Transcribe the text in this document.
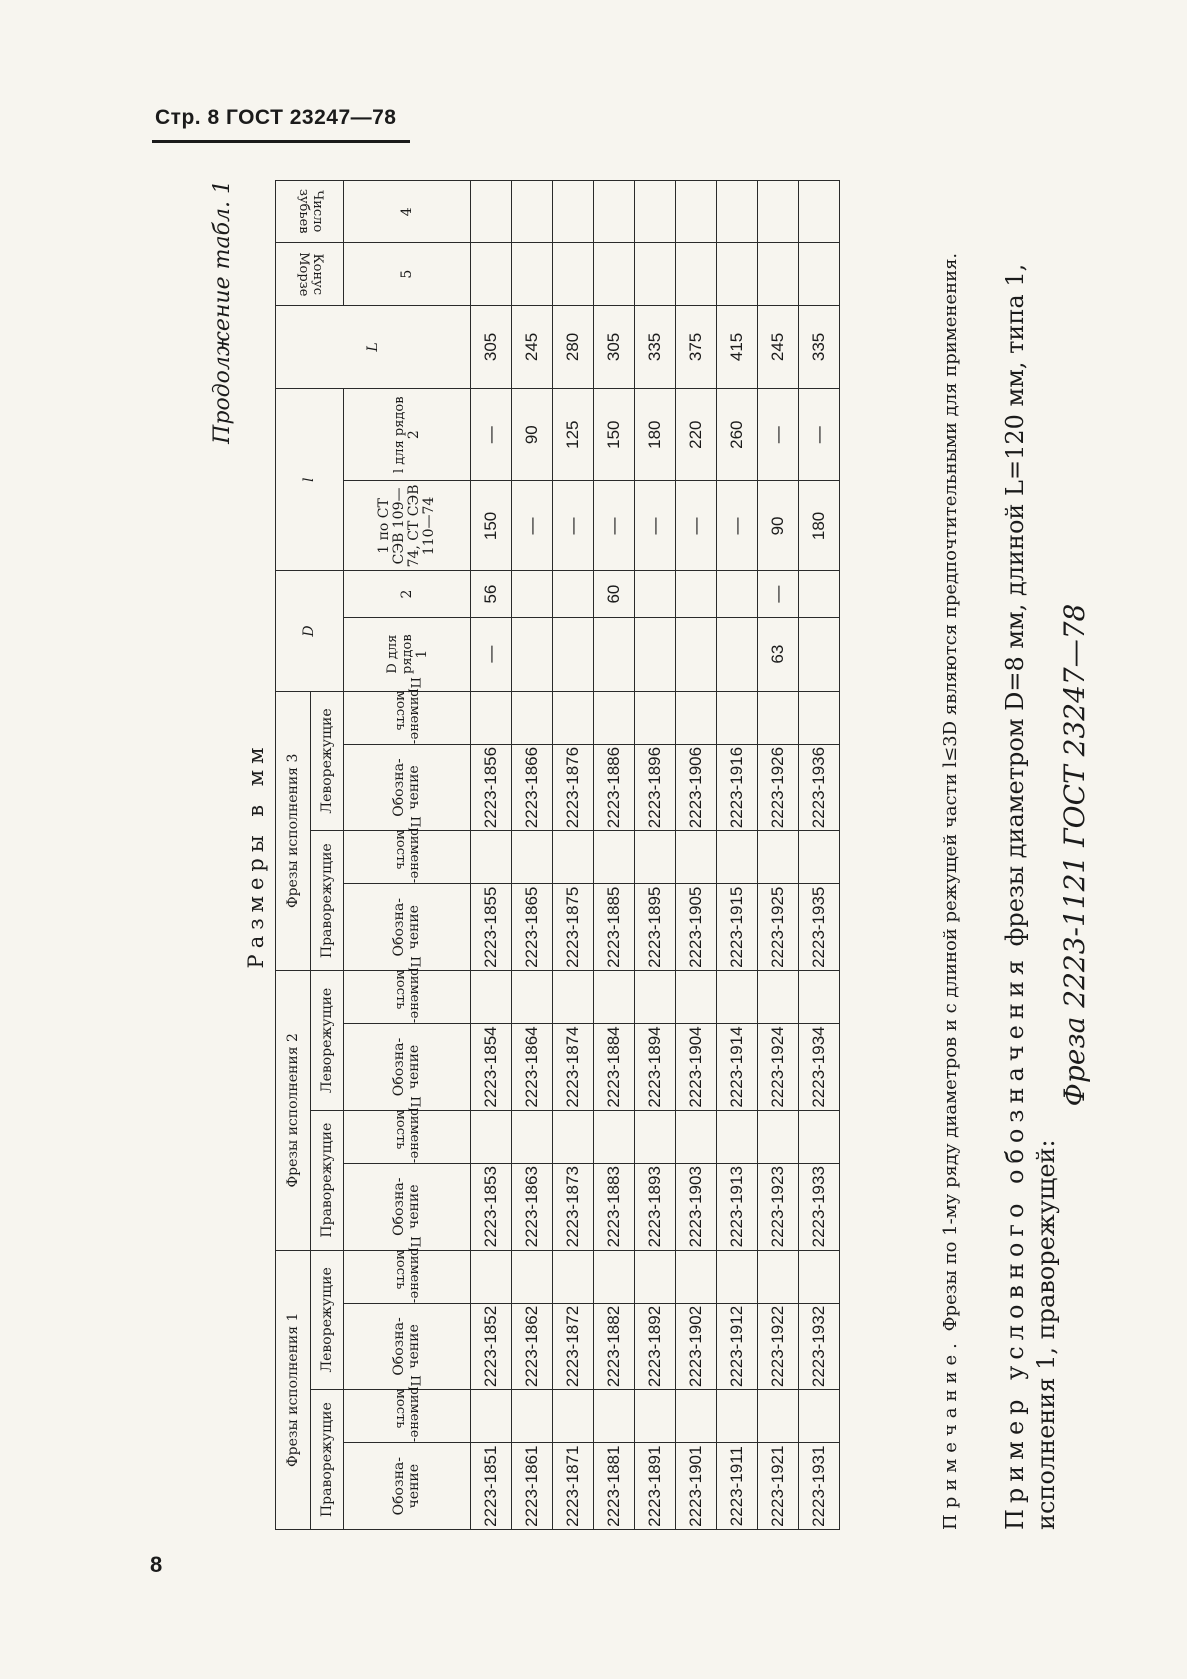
Стр. 8 ГОСТ 23247—78
8
Продолжение табл. 1
Размеры в мм
Фрезы исполнения 1				Фрезы исполнения 2				Фрезы исполнения 3				D		l		L	Конус Морзе	Число зубьев
Праворежущие		Леворежущие		Праворежущие		Леворежущие		Праворежущие		Леворежущие								
Обозна-чение	Примене-мость	Обозна-чение	Примене-мость	Обозна-чение	Примене-мость	Обозна-чение	Примене-мость	Обозна-чение	Примене-мость	Обозна-чение	Примене-мость	D для рядов
1	2	1 по СТ СЭВ 109—74, СТ СЭВ 110—74	l для рядов
2		5	4
2223-1851		2223-1852		2223-1853		2223-1854		2223-1855		2223-1856		—	56	150	—	305		
2223-1861		2223-1862		2223-1863		2223-1864		2223-1865		2223-1866				—	90	245		
2223-1871		2223-1872		2223-1873		2223-1874		2223-1875		2223-1876				—	125	280		
2223-1881		2223-1882		2223-1883		2223-1884		2223-1885		2223-1886			60	—	150	305		
2223-1891		2223-1892		2223-1893		2223-1894		2223-1895		2223-1896				—	180	335		
2223-1901		2223-1902		2223-1903		2223-1904		2223-1905		2223-1906				—	220	375		
2223-1911		2223-1912		2223-1913		2223-1914		2223-1915		2223-1916				—	260	415		
2223-1921		2223-1922		2223-1923		2223-1924		2223-1925		2223-1926		63	—	90	—	245		
2223-1931		2223-1932		2223-1933		2223-1934		2223-1935		2223-1936				180	—	335		
Примечание. Фрезы по 1-му ряду диаметров и с длиной режущей части l≤3D являются предпочтительными для применения. Пример условного обозначения фрезы диаметром D=8 мм, длиной L=120 мм, типа 1, исполнения 1, праворежущей:
Фреза 2223-1121 ГОСТ 23247—78
